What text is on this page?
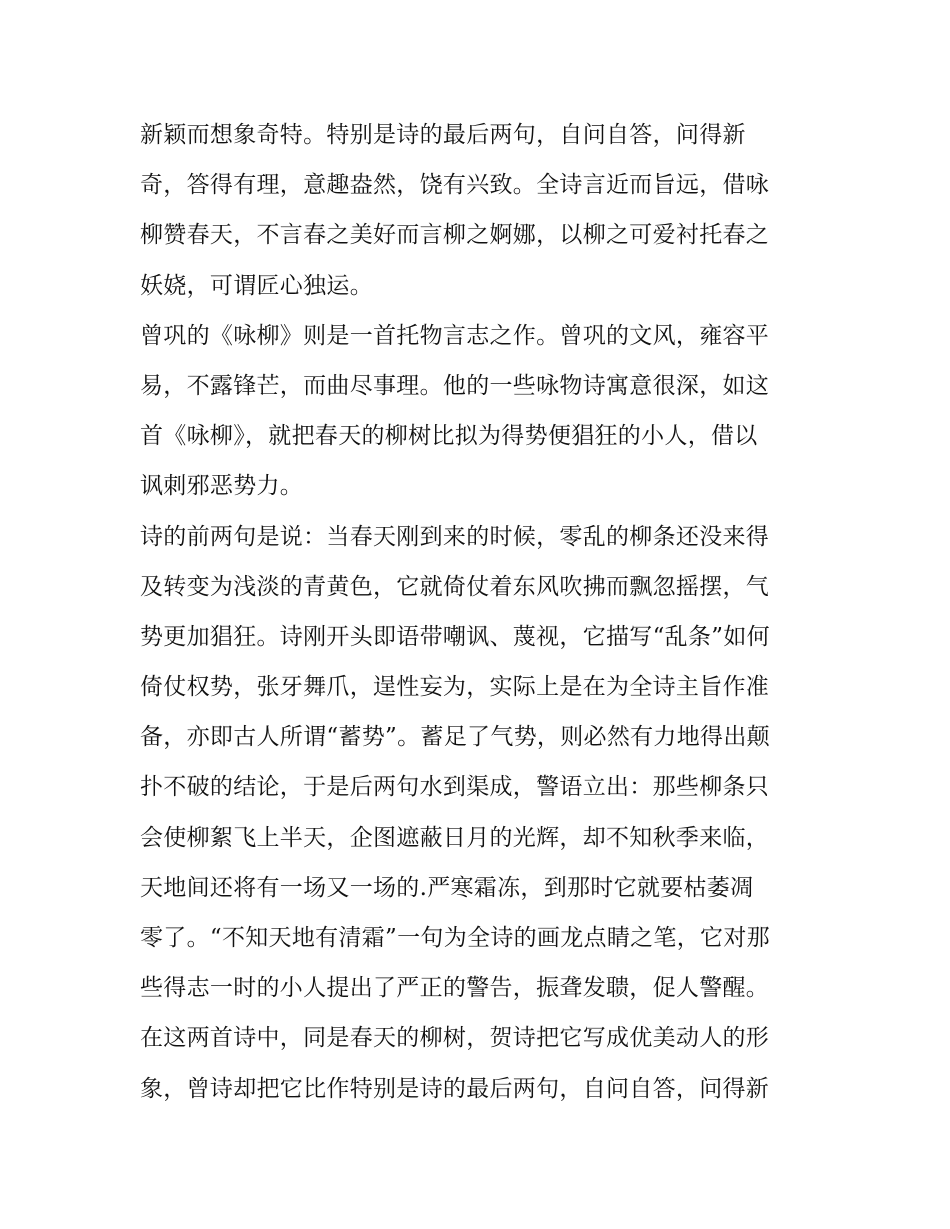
新颖而想象奇特。特别是诗的最后两句，自问自答，问得新
奇，答得有理，意趣盎然，饶有兴致。全诗言近而旨远，借咏
柳赞春天，不言春之美好而言柳之婀娜，以柳之可爱衬托春之
妖娆，可谓匠心独运。
曾巩的《咏柳》则是一首托物言志之作。曾巩的文风，雍容平
易，不露锋芒，而曲尽事理。他的一些咏物诗寓意很深，如这
首《咏柳》，就把春天的柳树比拟为得势便猖狂的小人，借以
讽刺邪恶势力。
诗的前两句是说：当春天刚到来的时候，零乱的柳条还没来得
及转变为浅淡的青黄色，它就倚仗着东风吹拂而飘忽摇摆，气
势更加猖狂。诗刚开头即语带嘲讽、蔑视，它描写“乱条”如何
倚仗权势，张牙舞爪，逞性妄为，实际上是在为全诗主旨作准
备，亦即古人所谓“蓄势”。蓄足了气势，则必然有力地得出颠
扑不破的结论，于是后两句水到渠成，警语立出：那些柳条只
会使柳絮飞上半天，企图遮蔽日月的光辉，却不知秋季来临，
天地间还将有一场又一场的.严寒霜冻，到那时它就要枯萎凋
零了。“不知天地有清霜”一句为全诗的画龙点睛之笔，它对那
些得志一时的小人提出了严正的警告，振聋发聩，促人警醒。
在这两首诗中，同是春天的柳树，贺诗把它写成优美动人的形
象，曾诗却把它比作特别是诗的最后两句，自问自答，问得新
